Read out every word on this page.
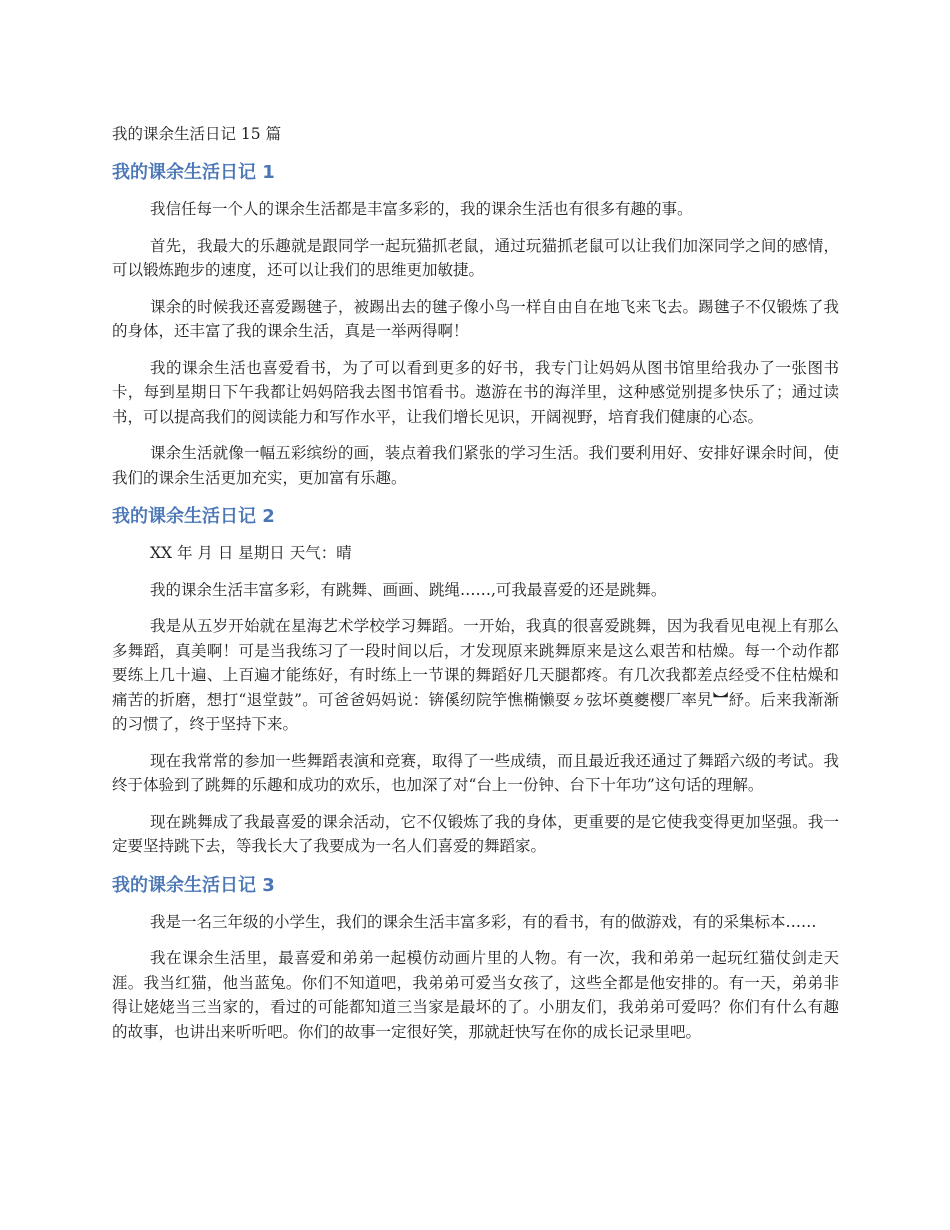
我的课余生活日记 15 篇
我的课余生活日记 1

我信任每一个人的课余生活都是丰富多彩的，我的课余生活也有很多有趣的事。

首先，我最大的乐趣就是跟同学一起玩猫抓老鼠，通过玩猫抓老鼠可以让我们加深同学之间的感情，可以锻炼跑步的速度，还可以让我们的思维更加敏捷。

课余的时候我还喜爱踢毽子，被踢出去的毽子像小鸟一样自由自在地飞来飞去。踢毽子不仅锻炼了我的身体，还丰富了我的课余生活，真是一举两得啊！

我的课余生活也喜爱看书，为了可以看到更多的好书，我专门让妈妈从图书馆里给我办了一张图书卡，每到星期日下午我都让妈妈陪我去图书馆看书。遨游在书的海洋里，这种感觉别提多快乐了；通过读书，可以提高我们的阅读能力和写作水平，让我们增长见识，开阔视野，培育我们健康的心态。

课余生活就像一幅五彩缤纷的画，装点着我们紧张的学习生活。我们要利用好、安排好课余时间，使我们的课余生活更加充实，更加富有乐趣。

我的课余生活日记 2

XX 年 月 日 星期日 天气：晴

我的课余生活丰富多彩，有跳舞、画画、跳绳……,可我最喜爱的还是跳舞。

我是从五岁开始就在星海艺术学校学习舞蹈。一开始，我真的很喜爱跳舞，因为我看见电视上有那么多舞蹈，真美啊！可是当我练习了一段时间以后，才发现原来跳舞原来是这么艰苦和枯燥。每一个动作都要练上几十遍、上百遍才能练好，有时练上一节课的舞蹈好几天腿都疼。有几次我都差点经受不住枯燥和痛苦的折磨，想打“退堂鼓”。可爸爸妈妈说：锛傒纫院竽憔椭懒耍ㄉ弦坏奠夔樱厂率旯︼紓。后来我渐渐的习惯了，终于坚持下来。

现在我常常的参加一些舞蹈表演和竞赛，取得了一些成绩，而且最近我还通过了舞蹈六级的考试。我终于体验到了跳舞的乐趣和成功的欢乐，也加深了对“台上一份钟、台下十年功”这句话的理解。

现在跳舞成了我最喜爱的课余活动，它不仅锻炼了我的身体，更重要的是它使我变得更加坚强。我一定要坚持跳下去，等我长大了我要成为一名人们喜爱的舞蹈家。

我的课余生活日记 3

我是一名三年级的小学生，我们的课余生活丰富多彩，有的看书，有的做游戏，有的采集标本……

我在课余生活里，最喜爱和弟弟一起模仿动画片里的人物。有一次，我和弟弟一起玩红猫仗剑走天涯。我当红猫，他当蓝兔。你们不知道吧，我弟弟可爱当女孩了，这些全都是他安排的。有一天，弟弟非得让姥姥当三当家的，看过的可能都知道三当家是最坏的了。小朋友们，我弟弟可爱吗？你们有什么有趣的故事，也讲出来听听吧。你们的故事一定很好笑，那就赶快写在你的成长记录里吧。
